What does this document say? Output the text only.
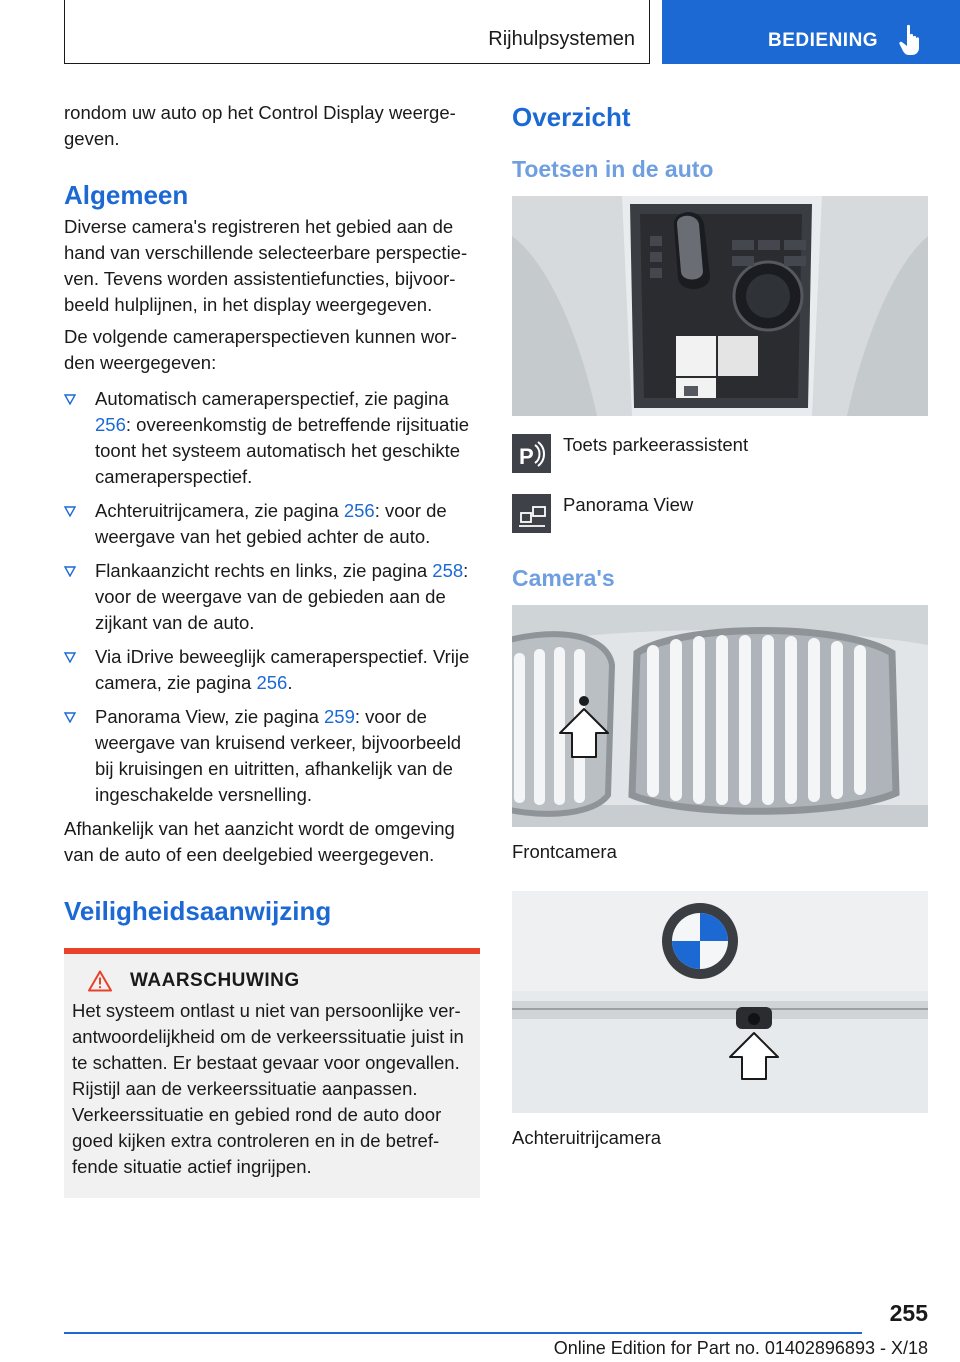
Rijhulpsystemen	BEDIENING

rondom uw auto op het Control Display weergegeven.

Algemeen

Diverse camera's registreren het gebied aan de hand van verschillende selecteerbare perspectieven. Tevens worden assistentiefuncties, bijvoorbeeld hulplijnen, in het display weergegeven.

De volgende cameraperspectieven kunnen worden weergegeven:

Automatisch cameraperspectief, zie pagina 256: overeenkomstig de betreffende rijsituatie toont het systeem automatisch het geschikte cameraperspectief.
Achteruitrijcamera, zie pagina 256: voor de weergave van het gebied achter de auto.
Flankaanzicht rechts en links, zie pagina 258: voor de weergave van de gebieden aan de zijkant van de auto.
Via iDrive beweeglijk cameraperspectief. Vrije camera, zie pagina 256.
Panorama View, zie pagina 259: voor de weergave van kruisend verkeer, bijvoorbeeld bij kruisingen en uitritten, afhankelijk van de ingeschakelde versnelling.

Afhankelijk van het aanzicht wordt de omgeving van de auto of een deelgebied weergegeven.

Veiligheidsaanwijzing
WAARSCHUWING

Het systeem ontlast u niet van persoonlijke verantwoordelijkheid om de verkeerssituatie juist in te schatten. Er bestaat gevaar voor ongevallen. Rijstijl aan de verkeerssituatie aanpassen. Verkeerssituatie en gebied rond de auto door goed kijken extra controleren en in de betreffende situatie actief ingrijpen.

Overzicht
Toetsen in de auto
P Toets parkeerassistent
Panorama View
Camera's

Frontcamera

Achteruitrijcamera

255
Online Edition for Part no. 01402896893 - X/18
